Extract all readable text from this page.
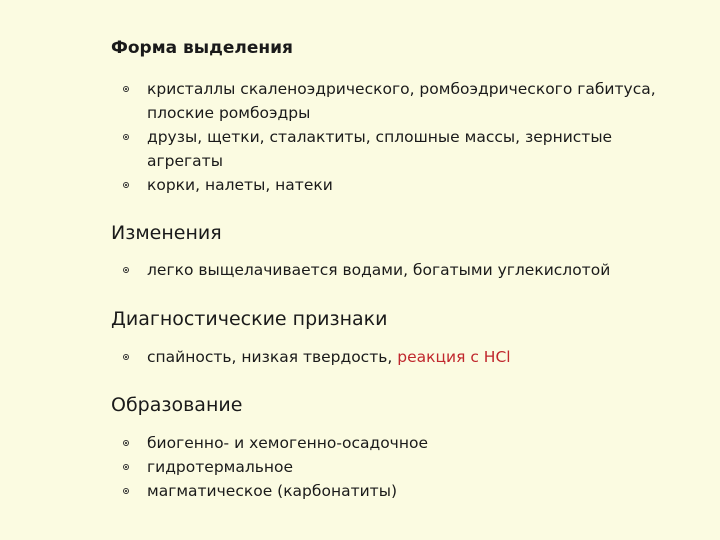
Форма выделения
кристаллы скаленоэдрического, ромбоэдрического габитуса, плоские ромбоэдры
друзы, щетки, сталактиты, сплошные массы, зернистые агрегаты
корки, налеты, натеки
Изменения
легко выщелачивается водами, богатыми углекислотой
Диагностические признаки
спайность, низкая твердость, реакция с HCl
Образование
биогенно- и хемогенно-осадочное
гидротермальное
магматическое (карбонатиты)
